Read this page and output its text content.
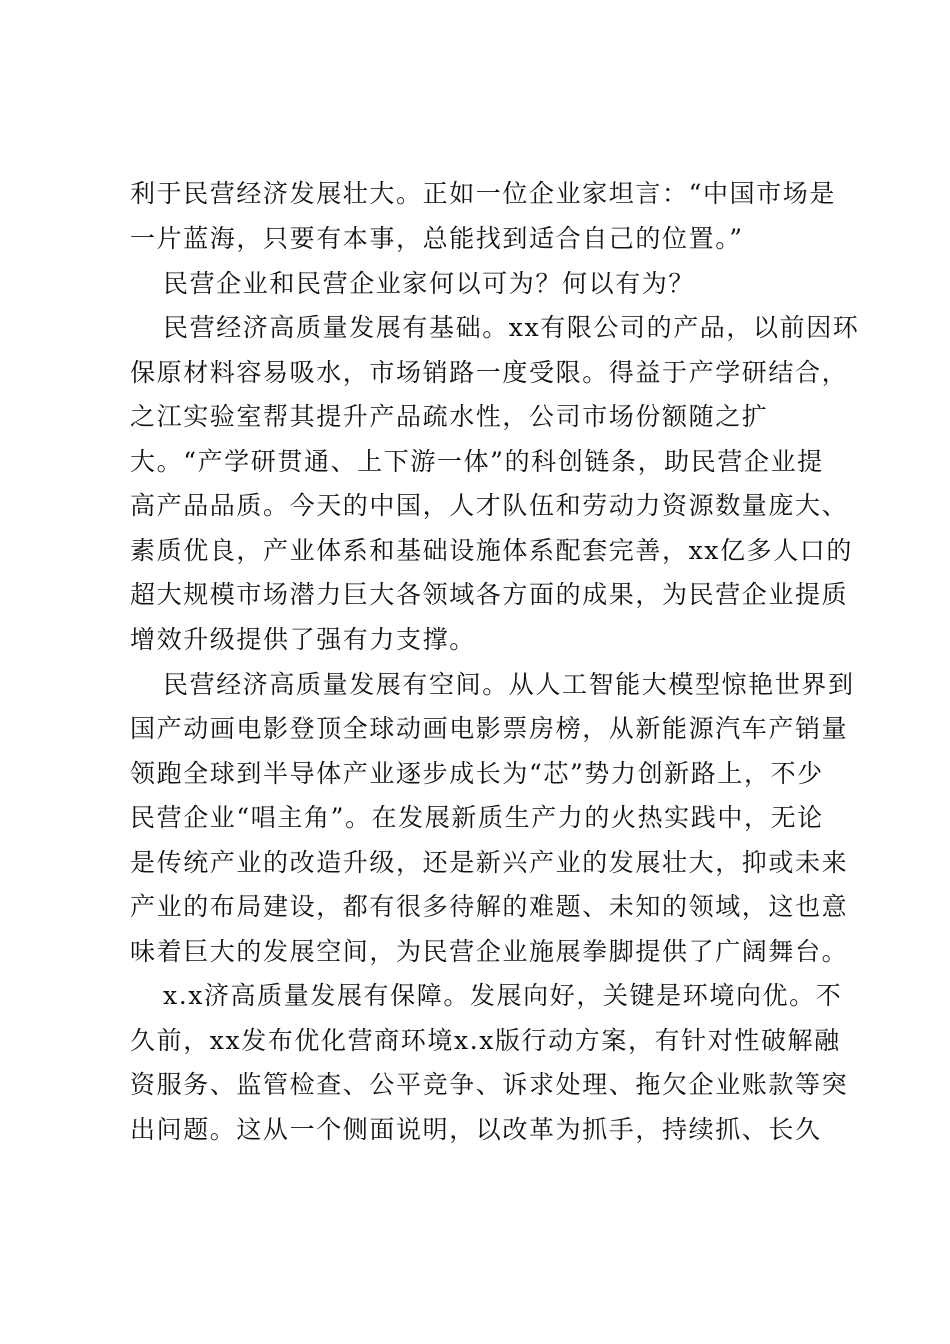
利于民营经济发展壮大。正如一位企业家坦言：“中国市场是

一片蓝海，只要有本事，总能找到适合自己的位置。”

民营企业和民营企业家何以可为？何以有为？

民营经济高质量发展有基础。xx有限公司的产品，以前因环

保原材料容易吸水，市场销路一度受限。得益于产学研结合，

之江实验室帮其提升产品疏水性，公司市场份额随之扩

大。“产学研贯通、上下游一体”的科创链条，助民营企业提

高产品品质。今天的中国，人才队伍和劳动力资源数量庞大、

素质优良，产业体系和基础设施体系配套完善，xx亿多人口的

超大规模市场潜力巨大各领域各方面的成果，为民营企业提质

增效升级提供了强有力支撑。

民营经济高质量发展有空间。从人工智能大模型惊艳世界到

国产动画电影登顶全球动画电影票房榜，从新能源汽车产销量

领跑全球到半导体产业逐步成长为“芯”势力创新路上，不少

民营企业“唱主角”。在发展新质生产力的火热实践中，无论

是传统产业的改造升级，还是新兴产业的发展壮大，抑或未来

产业的布局建设，都有很多待解的难题、未知的领域，这也意

味着巨大的发展空间，为民营企业施展拳脚提供了广阔舞台。

x.x济高质量发展有保障。发展向好，关键是环境向优。不

久前，xx发布优化营商环境x.x版行动方案，有针对性破解融

资服务、监管检查、公平竞争、诉求处理、拖欠企业账款等突

出问题。这从一个侧面说明，以改革为抓手，持续抓、长久
